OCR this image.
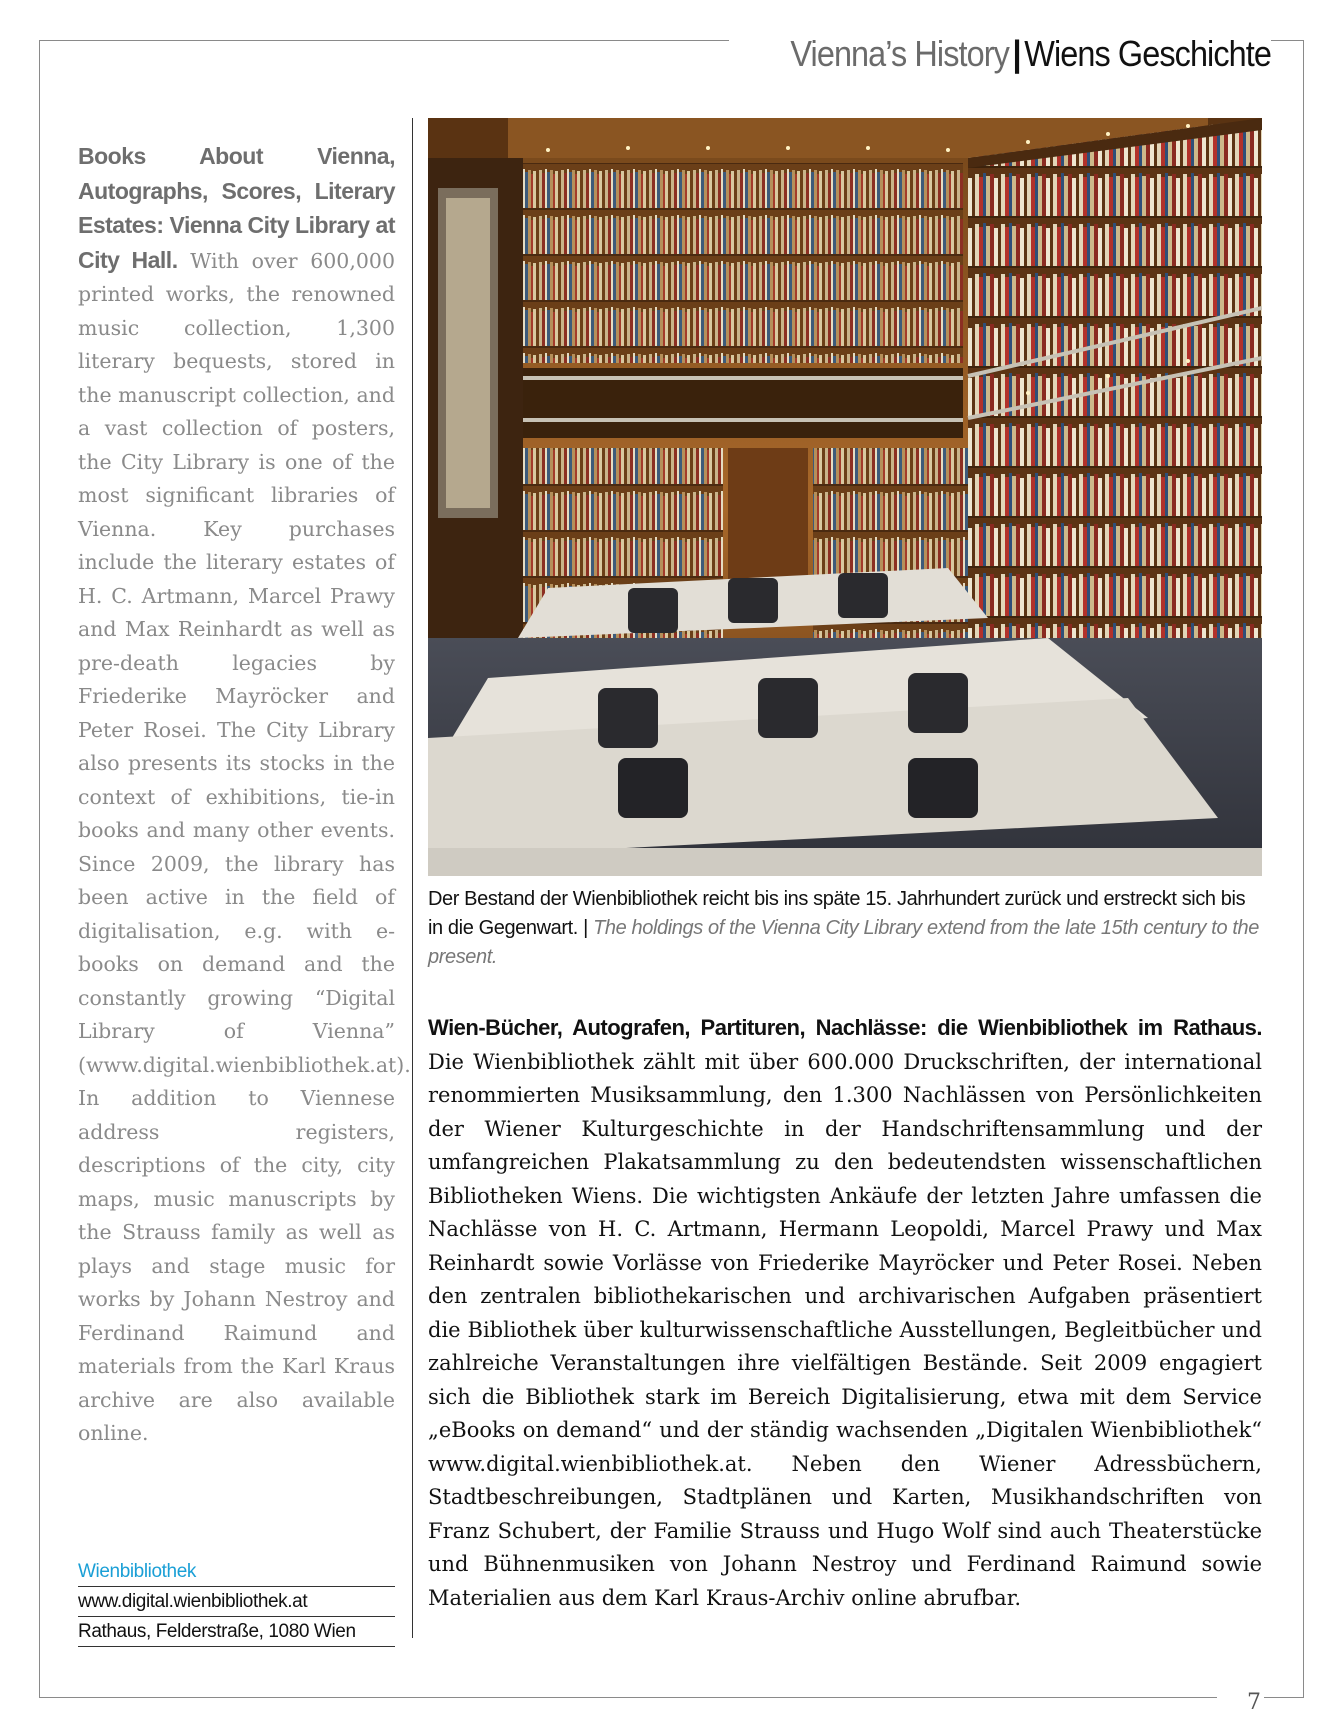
Vienna’s History|Wiens Geschichte
Books About Vienna, Autographs, Scores, Literary Estates: Vienna City Library at City Hall. With over 600,000 printed works, the renowned music collection, 1,300 literary bequests, stored in the manuscript collection, and a vast collection of posters, the City Library is one of the most significant libraries of Vienna. Key purchases include the literary estates of H. C. Artmann, Marcel Prawy and Max Reinhardt as well as pre-death legacies by Friederike Mayröcker and Peter Rosei. The City Library also presents its stocks in the context of exhibitions, tie-in books and many other events. Since 2009, the library has been active in the field of digitalisation, e.g. with e-books on demand and the constantly growing “Digital Library of Vienna” (www.digital.wienbibliothek.at). In addition to Viennese address registers, descriptions of the city, city maps, music manuscripts by the Strauss family as well as plays and stage music for works by Johann Nestroy and Ferdinand Raimund and materials from the Karl Kraus archive are also available online.
Wienbibliothek
www.digital.wienbibliothek.at
Rathaus, Felderstraße, 1080 Wien
Der Bestand der Wienbibliothek reicht bis ins späte 15. Jahrhundert zurück und erstreckt sich bis in die Gegenwart. | The holdings of the Vienna City Library extend from the late 15th century to the present.
Wien-Bücher, Autografen, Partituren, Nachlässe: die Wienbibliothek im Rathaus. Die Wienbibliothek zählt mit über 600.000 Druckschriften, der international renommierten Musiksammlung, den 1.300 Nachlässen von Persönlichkeiten der Wiener Kulturgeschichte in der Handschriftensammlung und der umfangreichen Plakatsammlung zu den bedeutendsten wissenschaftlichen Bibliotheken Wiens. Die wichtigsten Ankäufe der letzten Jahre umfassen die Nachlässe von H. C. Artmann, Hermann Leopoldi, Marcel Prawy und Max Reinhardt sowie Vorlässe von Friederike Mayröcker und Peter Rosei. Neben den zentralen bibliothekarischen und archivarischen Aufgaben präsentiert die Bibliothek über kulturwissenschaftliche Ausstellungen, Begleitbücher und zahlreiche Veranstaltungen ihre vielfältigen Bestände. Seit 2009 engagiert sich die Bibliothek stark im Bereich Digitalisierung, etwa mit dem Service „eBooks on demand“ und der ständig wachsenden „Digitalen Wienbibliothek“ www.digital.wienbibliothek.at. Neben den Wiener Adressbüchern, Stadtbeschreibungen, Stadtplänen und Karten, Musikhandschriften von Franz Schubert, der Familie Strauss und Hugo Wolf sind auch Theaterstücke und Bühnenmusiken von Johann Nestroy und Ferdinand Raimund sowie Materialien aus dem Karl Kraus-Archiv online abrufbar.
7
